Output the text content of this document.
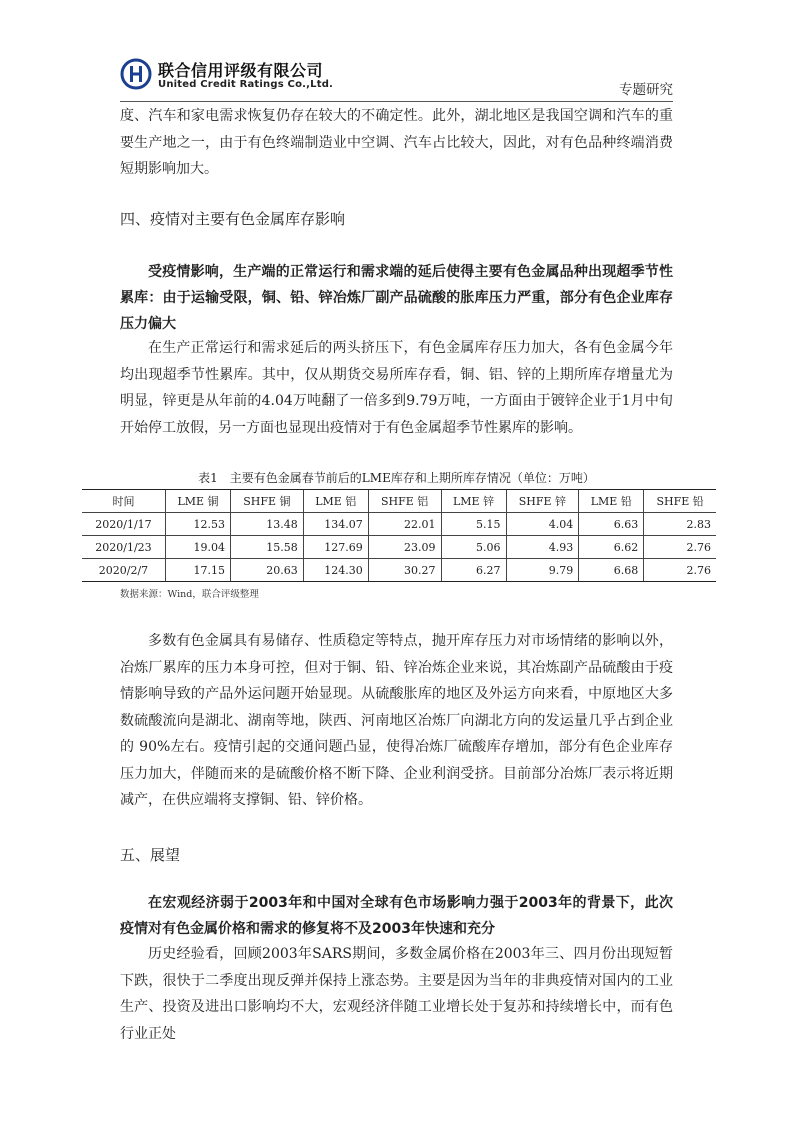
联合信用评级有限公司
United Credit Ratings Co.,Ltd.	专题研究

度、汽车和家电需求恢复仍存在较大的不确定性。此外，湖北地区是我国空调和汽车的重要生产地之一，由于有色终端制造业中空调、汽车占比较大，因此，对有色品种终端消费短期影响加大。

四、疫情对主要有色金属库存影响

受疫情影响，生产端的正常运行和需求端的延后使得主要有色金属品种出现超季节性累库：由于运输受限，铜、铅、锌冶炼厂副产品硫酸的胀库压力严重，部分有色企业库存压力偏大

在生产正常运行和需求延后的两头挤压下，有色金属库存压力加大，各有色金属今年均出现超季节性累库。其中，仅从期货交易所库存看，铜、铝、锌的上期所库存增量尤为明显，锌更是从年前的4.04万吨翻了一倍多到9.79万吨，一方面由于镀锌企业于1月中旬开始停工放假，另一方面也显现出疫情对于有色金属超季节性累库的影响。

表1　主要有色金属春节前后的LME库存和上期所库存情况（单位：万吨）
时间	LME 铜	SHFE 铜	LME 铝	SHFE 铝	LME 锌	SHFE 锌	LME 铅	SHFE 铅
2020/1/17	12.53	13.48	134.07	22.01	5.15	4.04	6.63	2.83
2020/1/23	19.04	15.58	127.69	23.09	5.06	4.93	6.62	2.76
2020/2/7	17.15	20.63	124.30	30.27	6.27	9.79	6.68	2.76
数据来源：Wind，联合评级整理

多数有色金属具有易储存、性质稳定等特点，抛开库存压力对市场情绪的影响以外，冶炼厂累库的压力本身可控，但对于铜、铅、锌冶炼企业来说，其冶炼副产品硫酸由于疫情影响导致的产品外运问题开始显现。从硫酸胀库的地区及外运方向来看，中原地区大多数硫酸流向是湖北、湖南等地，陕西、河南地区冶炼厂向湖北方向的发运量几乎占到企业的 90%左右。疫情引起的交通问题凸显，使得冶炼厂硫酸库存增加，部分有色企业库存压力加大，伴随而来的是硫酸价格不断下降、企业利润受挤。目前部分冶炼厂表示将近期减产，在供应端将支撑铜、铅、锌价格。

五、展望

在宏观经济弱于2003年和中国对全球有色市场影响力强于2003年的背景下，此次疫情对有色金属价格和需求的修复将不及2003年快速和充分

历史经验看，回顾2003年SARS期间，多数金属价格在2003年三、四月份出现短暂下跌，很快于二季度出现反弹并保持上涨态势。主要是因为当年的非典疫情对国内的工业生产、投资及进出口影响均不大，宏观经济伴随工业增长处于复苏和持续增长中，而有色行业正处
